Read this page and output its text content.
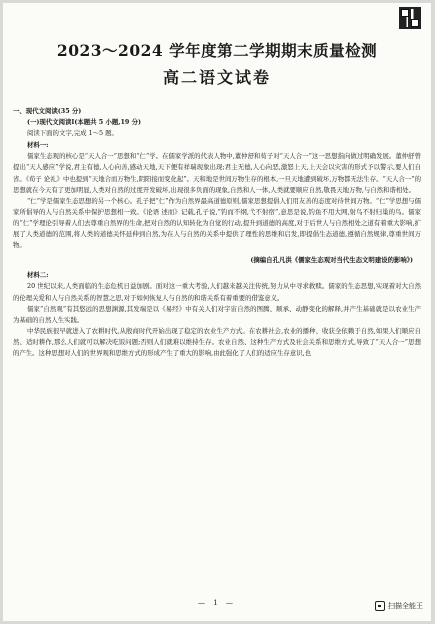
2023～2024 学年度第二学期期末质量检测
高二语文试卷

一、现代文阅读(35 分)

(一)现代文阅读Ⅰ(本题共 5 小题,19 分)

阅读下面的文字,完成 1～5 题。

材料一:

儒家生态观的核心是“天人合一”思想和“仁”学。在儒家学派的代表人物中,董仲舒和荀子对“天人合一”这一思想指向做过明确发展。董仲舒曾提出“天人感应”学说,君主有德,人心向善,感动天地,天下便有祥瑞现象出现;君主无德,人心向恶,激怒上天,上天会以灾害的形式予以警示,要人们自省。《荀子 论礼》中也提到“天地合而万物生,阴阳接而变化起”。天和地是世间万物生存的根本,一旦天地遭到破坏,万物都无法生存。“天人合一”的思想就在今天有了更加明显,人类对自然的过度开发破坏,出现很多负面的现象,自然和人一体,人类就要顺应自然,敬畏天地万物,与自然和谐相处。

“仁”学是儒家生态思想的另一个核心。孔子把“仁”作为自然界最高道德原则,儒家思想提倡人们用友善的态度对待世间万物。“仁”学思想与儒家所倡导的人与自然关系中保护思想相一致。《论语 述而》记载,孔子说,“钓而不纲,弋不射宿”,意思是说,钓鱼不用大网,射鸟不射归巢的鸟。儒家的“仁”学理论引导着人们去尊重自然界的生命,把对自然的认知转化为自觉的行动,提升到道德的高度,对于后世人与自然相处之道有着重大影响,扩展了人类道德的范围,将人类的道德关怀延伸到自然,为在人与自然的关系中提供了理性的思维和启发,即提倡生态道德,遵循自然规律,尊重世间万物。

(摘编自孔凡洪《儒家生态观对当代生态文明建设的影响》)

材料二:

20 世纪以来,人类面临的生态危机日益加剧。面对这一重大考验,人们越来越关注传统,努力从中寻求救赎。儒家的生态思想,实现着对大自然的伦理关爱和人与自然关系的智慧之思,对于如何恢复人与自然的和谐关系有着重要的借鉴意义。

儒家“自然观”有其悠远的思想渊源,其发端是以《易经》中有关人们对宇宙自然的图腾、顺承、动静变化的解释,并产生基础就是以农业生产为基础的自然人生实践。

中华民族很早就进入了农耕时代,从殷商时代开始出现了稳定的农业生产方式。在农耕社会,农业的播种、收获全依赖于自然,如果人们顺应自然、适时耕作,那么人们就可以解决吃饭问题;否则人们就难以维持生存。农业自然、这种生产方式及社会关系和思维方式,导致了“天人合一”思想的产生。这种思想对人们的世界观和思维方式的形成产生了重大的影响,由此强化了人们的适应生存意识,也

— 1 —	扫描全能王
